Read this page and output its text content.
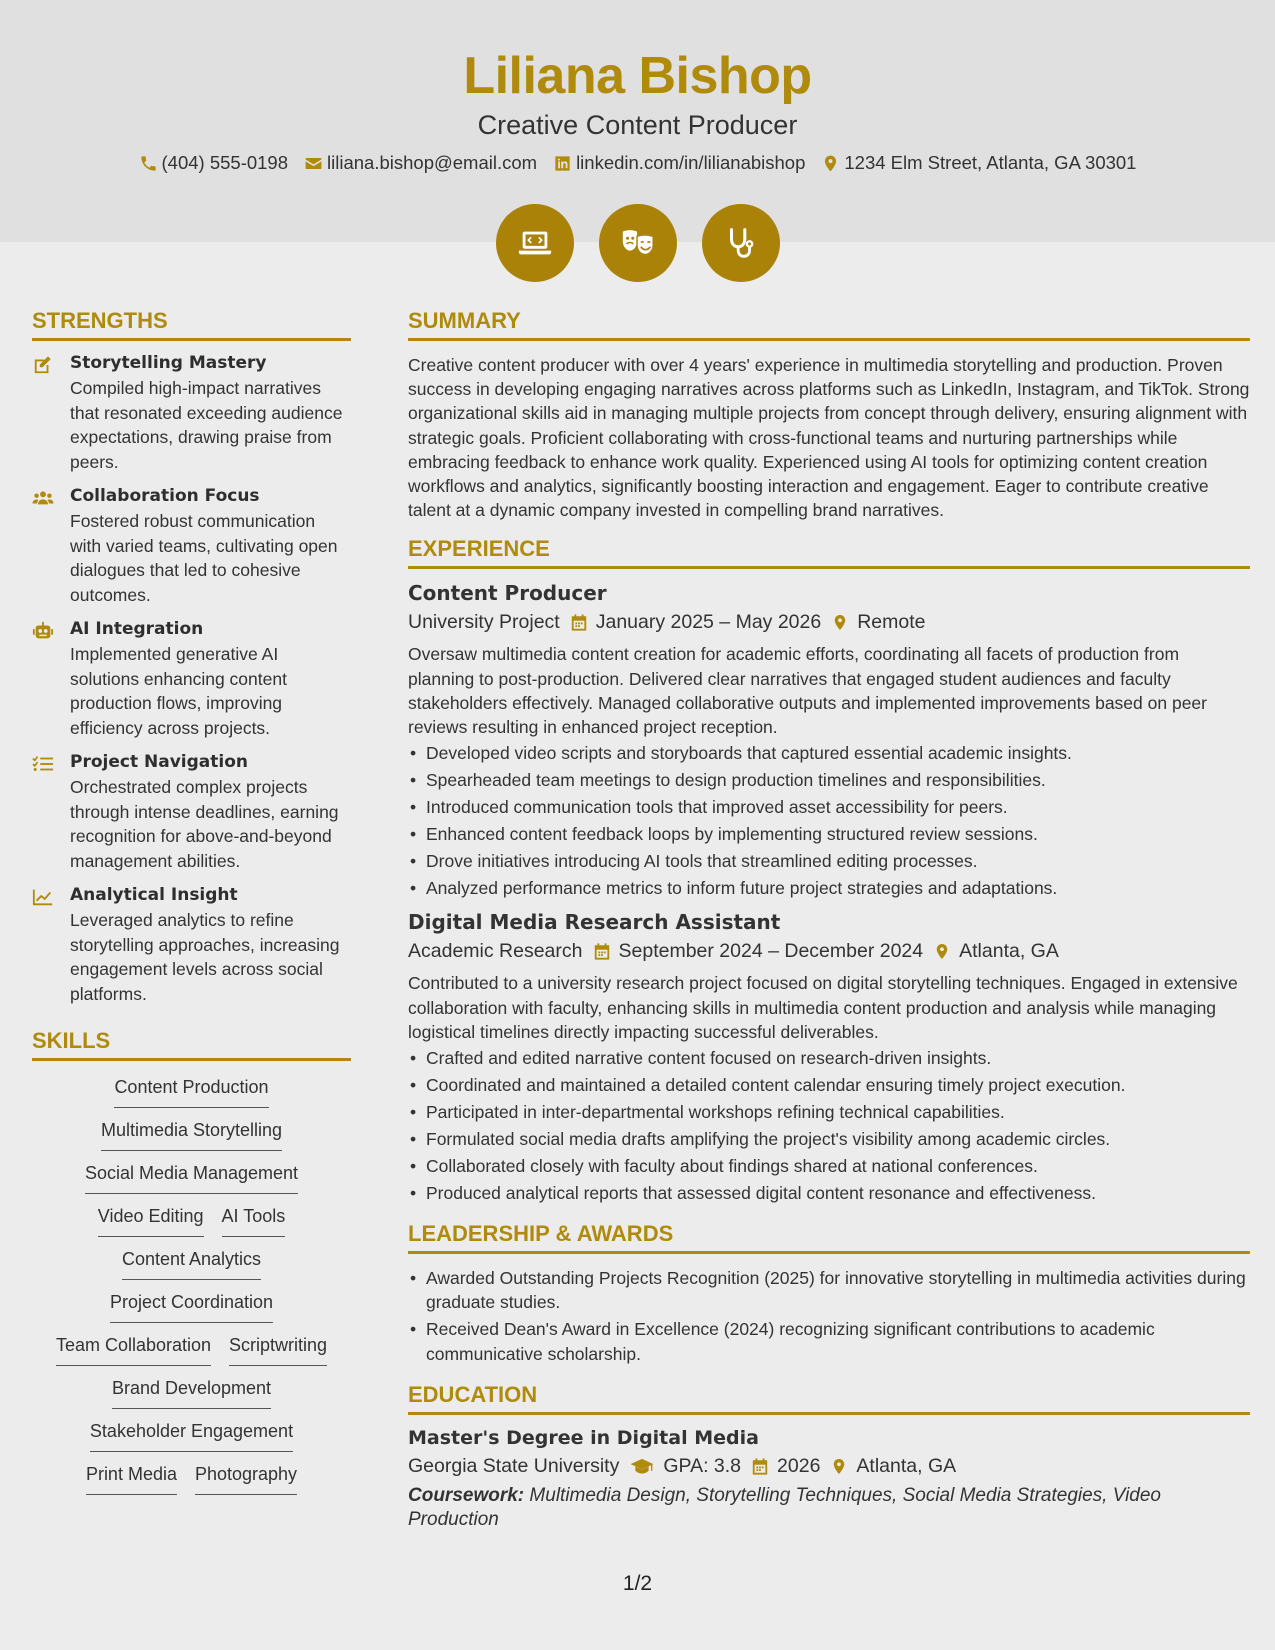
Liliana Bishop
Creative Content Producer
(404) 555-0198 liliana.bishop@email.com linkedin.com/in/lilianabishop 1234 Elm Street, Atlanta, GA 30301
STRENGTHS
Storytelling Mastery
Compiled high-impact narratives that resonated exceeding audience expectations, drawing praise from peers.
Collaboration Focus
Fostered robust communication with varied teams, cultivating open dialogues that led to cohesive outcomes.
AI Integration
Implemented generative AI solutions enhancing content production flows, improving efficiency across projects.
Project Navigation
Orchestrated complex projects through intense deadlines, earning recognition for above-and-beyond management abilities.
Analytical Insight
Leveraged analytics to refine storytelling approaches, increasing engagement levels across social platforms.
SKILLS
Content Production
Multimedia Storytelling
Social Media Management
Video Editing AI Tools
Content Analytics
Project Coordination
Team Collaboration Scriptwriting
Brand Development
Stakeholder Engagement
Print Media Photography
SUMMARY
Creative content producer with over 4 years' experience in multimedia storytelling and production. Proven success in developing engaging narratives across platforms such as LinkedIn, Instagram, and TikTok. Strong organizational skills aid in managing multiple projects from concept through delivery, ensuring alignment with strategic goals. Proficient collaborating with cross-functional teams and nurturing partnerships while embracing feedback to enhance work quality. Experienced using AI tools for optimizing content creation workflows and analytics, significantly boosting interaction and engagement. Eager to contribute creative talent at a dynamic company invested in compelling brand narratives.
EXPERIENCE
Content Producer
University Project January 2025 – May 2026 Remote
Oversaw multimedia content creation for academic efforts, coordinating all facets of production from planning to post-production. Delivered clear narratives that engaged student audiences and faculty stakeholders effectively. Managed collaborative outputs and implemented improvements based on peer reviews resulting in enhanced project reception.
• Developed video scripts and storyboards that captured essential academic insights.
• Spearheaded team meetings to design production timelines and responsibilities.
• Introduced communication tools that improved asset accessibility for peers.
• Enhanced content feedback loops by implementing structured review sessions.
• Drove initiatives introducing AI tools that streamlined editing processes.
• Analyzed performance metrics to inform future project strategies and adaptations.
Digital Media Research Assistant
Academic Research September 2024 – December 2024 Atlanta, GA
Contributed to a university research project focused on digital storytelling techniques. Engaged in extensive collaboration with faculty, enhancing skills in multimedia content production and analysis while managing logistical timelines directly impacting successful deliverables.
• Crafted and edited narrative content focused on research-driven insights.
• Coordinated and maintained a detailed content calendar ensuring timely project execution.
• Participated in inter-departmental workshops refining technical capabilities.
• Formulated social media drafts amplifying the project's visibility among academic circles.
• Collaborated closely with faculty about findings shared at national conferences.
• Produced analytical reports that assessed digital content resonance and effectiveness.
LEADERSHIP & AWARDS
• Awarded Outstanding Projects Recognition (2025) for innovative storytelling in multimedia activities during graduate studies.
• Received Dean's Award in Excellence (2024) recognizing significant contributions to academic communicative scholarship.
EDUCATION
Master's Degree in Digital Media
Georgia State University GPA: 3.8 2026 Atlanta, GA
Coursework: Multimedia Design, Storytelling Techniques, Social Media Strategies, Video Production
1/2
